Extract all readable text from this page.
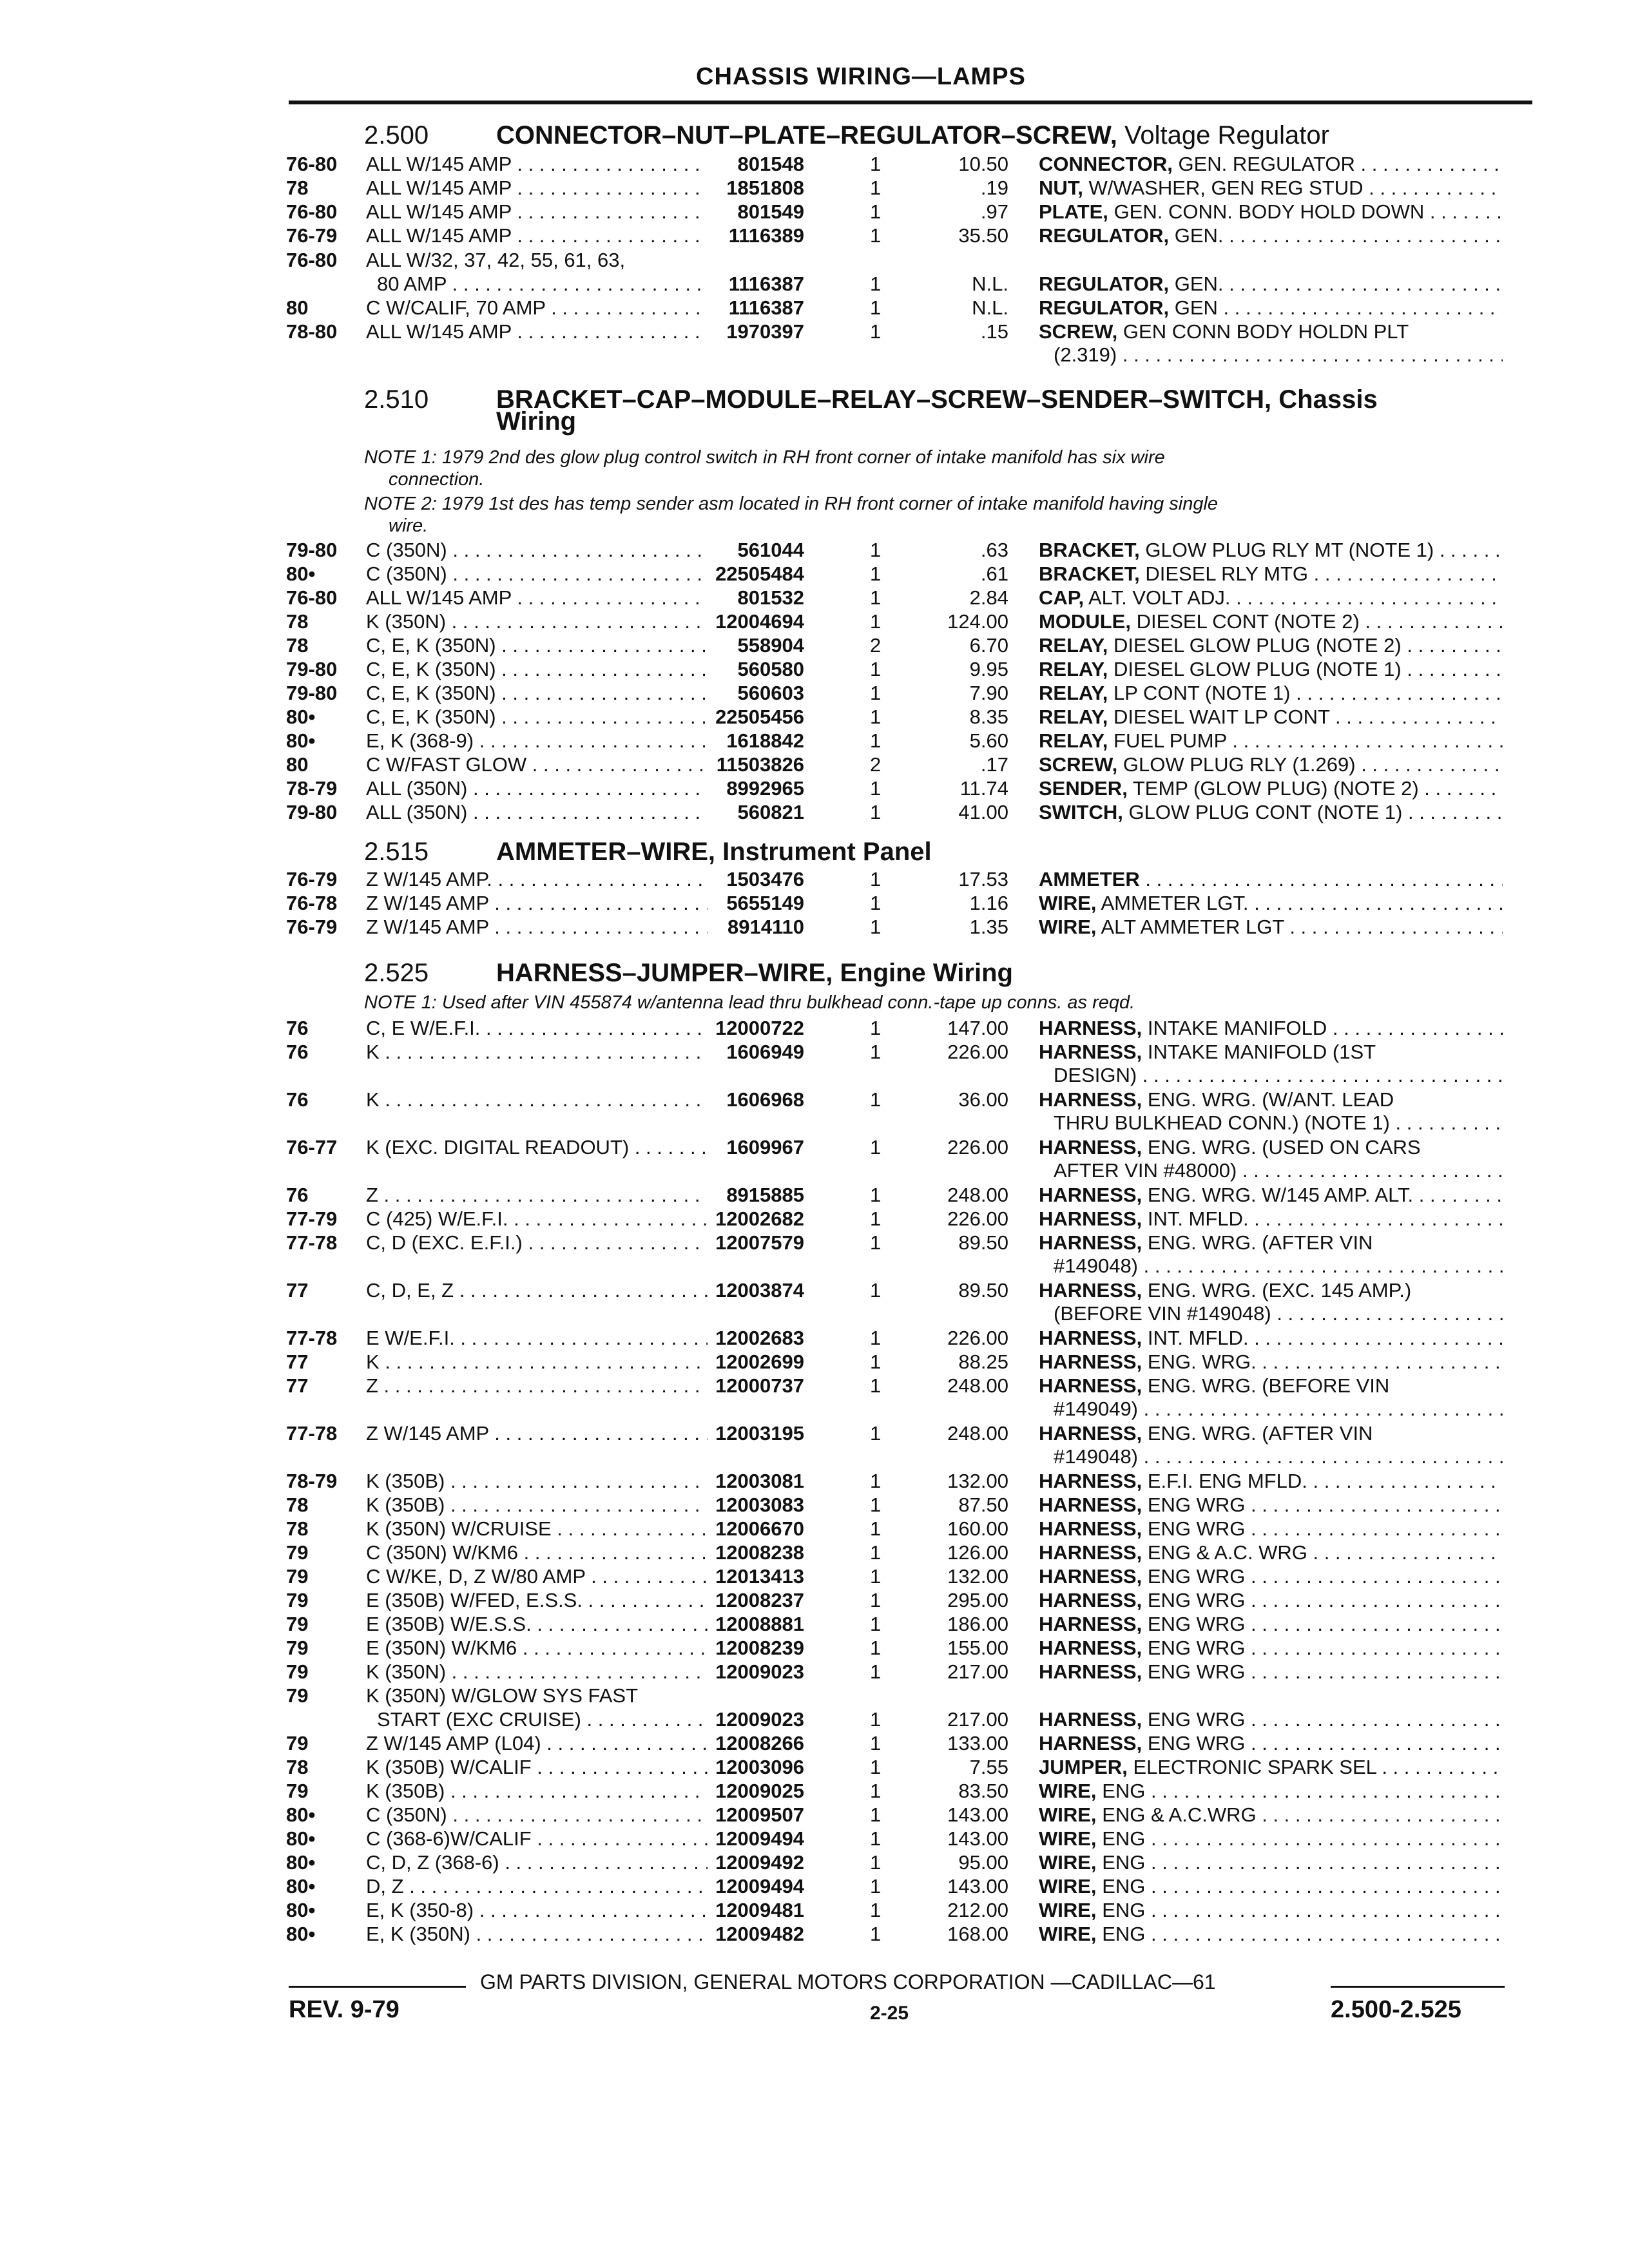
CHASSIS WIRING—LAMPS
2.500	CONNECTOR–NUT–PLATE–REGULATOR–SCREW, Voltage Regulator
2.510	BRACKET–CAP–MODULE–RELAY–SCREW–SENDER–SWITCH, Chassis
Wiring
NOTE 1: 1979 2nd des glow plug control switch in RH front corner of intake manifold has six wire
connection.
NOTE 2: 1979 1st des has temp sender asm located in RH front corner of intake manifold having single
wire.
2.515	AMMETER–WIRE, Instrument Panel
2.525	HARNESS–JUMPER–WIRE, Engine Wiring
NOTE 1: Used after VIN 455874 w/antenna lead thru bulkhead conn.-tape up conns. as reqd.
76-80 ALL W/145 AMP . . .	801548	1	10.50 CONNECTOR, GEN. REGULATOR . . .
78	ALL W/145 AMP . . .	1851808	1	.19 NUT, W/WASHER, GEN REG STUD . . .
76-80 ALL W/145 AMP . . .	801549	1	.97 PLATE, GEN. CONN. BODY HOLD DOWN . . .
76-79 ALL W/145 AMP . . .	1116389	1	35.50 REGULATOR, GEN. . . .
76-80 ALL W/32, 37, 42, 55, 61, 63,
80 AMP . . .	1116387	1	N.L. REGULATOR, GEN. . . .
80	C W/CALIF, 70 AMP . . .	1116387	1	N.L. REGULATOR, GEN . . .
78-80 ALL W/145 AMP . . .	1970397	1	.15 SCREW, GEN CONN BODY HOLDN PLT
(2.319) . . .
79-80 C (350N) . . .	561044	1	.63 BRACKET, GLOW PLUG RLY MT (NOTE 1) . . .
80•	C (350N) . . .	22505484	1	.61 BRACKET, DIESEL RLY MTG . . .
76-80 ALL W/145 AMP . . .	801532	1	2.84 CAP, ALT. VOLT ADJ. . . .
78	K (350N) . . .	12004694	1	124.00 MODULE, DIESEL CONT (NOTE 2) . . .
78	C, E, K (350N) . . .	558904	2	6.70 RELAY, DIESEL GLOW PLUG (NOTE 2) . . .
79-80 C, E, K (350N) . . .	560580	1	9.95 RELAY, DIESEL GLOW PLUG (NOTE 1) . . .
79-80 C, E, K (350N) . . .	560603	1	7.90 RELAY, LP CONT (NOTE 1) . . .
80•	C, E, K (350N) . . .	22505456	1	8.35 RELAY, DIESEL WAIT LP CONT . . .
80•	E, K (368-9) . . .	1618842	1	5.60 RELAY, FUEL PUMP . . .
80	C W/FAST GLOW . . .	11503826	2	.17 SCREW, GLOW PLUG RLY (1.269) . . .
78-79 ALL (350N) . . .	8992965	1	11.74 SENDER, TEMP (GLOW PLUG) (NOTE 2) . . .
79-80 ALL (350N) . . .	560821	1	41.00 SWITCH, GLOW PLUG CONT (NOTE 1) . . .
76-79 Z W/145 AMP. . . .	1503476	1	17.53 AMMETER . . .
76-78 Z W/145 AMP . . .	5655149	1	1.16 WIRE, AMMETER LGT. . . .
76-79 Z W/145 AMP . . .	8914110	1	1.35 WIRE, ALT AMMETER LGT . . .
76	C, E W/E.F.I. . . .	12000722	1	147.00 HARNESS, INTAKE MANIFOLD . . .
76	K . . .	1606949	1	226.00 HARNESS, INTAKE MANIFOLD (1ST
DESIGN) . . .
76	K . . .	1606968	1	36.00 HARNESS, ENG. WRG. (W/ANT. LEAD
THRU BULKHEAD CONN.) (NOTE 1) . . .
76-77 K (EXC. DIGITAL READOUT) . . .	1609967	1	226.00 HARNESS, ENG. WRG. (USED ON CARS
AFTER VIN #48000) . . .
76	Z . . .	8915885	1	248.00 HARNESS, ENG. WRG. W/145 AMP. ALT. . . .
77-79 C (425) W/E.F.I. . . .	12002682	1	226.00 HARNESS, INT. MFLD. . . .
77-78 C, D (EXC. E.F.I.) . . .	12007579	1	89.50 HARNESS, ENG. WRG. (AFTER VIN
#149048) . . .
77	C, D, E, Z . . .	12003874	1	89.50 HARNESS, ENG. WRG. (EXC. 145 AMP.)
(BEFORE VIN #149048) . . .
77-78 E W/E.F.I. . . .	12002683	1	226.00 HARNESS, INT. MFLD. . . .
77	K . . .	12002699	1	88.25 HARNESS, ENG. WRG. . . .
77	Z . . .	12000737	1	248.00 HARNESS, ENG. WRG. (BEFORE VIN
#149049) . . .
77-78 Z W/145 AMP . . .	12003195	1	248.00 HARNESS, ENG. WRG. (AFTER VIN
#149048) . . .
78-79 K (350B) . . .	12003081	1	132.00 HARNESS, E.F.I. ENG MFLD. . . .
78	K (350B) . . .	12003083	1	87.50 HARNESS, ENG WRG . . .
78	K (350N) W/CRUISE . . .	12006670	1	160.00 HARNESS, ENG WRG . . .
79	C (350N) W/KM6 . . .	12008238	1	126.00 HARNESS, ENG & A.C. WRG . . .
79	C W/KE, D, Z W/80 AMP . . .	12013413	1	132.00 HARNESS, ENG WRG . . .
79	E (350B) W/FED, E.S.S. . . .	12008237	1	295.00 HARNESS, ENG WRG . . .
79	E (350B) W/E.S.S. . . .	12008881	1	186.00 HARNESS, ENG WRG . . .
79	E (350N) W/KM6 . . .	12008239	1	155.00 HARNESS, ENG WRG . . .
79	K (350N) . . .	12009023	1	217.00 HARNESS, ENG WRG . . .
79	K (350N) W/GLOW SYS FAST
START (EXC CRUISE) . . .	12009023	1	217.00 HARNESS, ENG WRG . . .
79	Z W/145 AMP (L04) . . .	12008266	1	133.00 HARNESS, ENG WRG . . .
78	K (350B) W/CALIF . . .	12003096	1	7.55 JUMPER, ELECTRONIC SPARK SEL . . .
79	K (350B) . . .	12009025	1	83.50 WIRE, ENG . . .
80•	C (350N) . . .	12009507	1	143.00 WIRE, ENG & A.C.WRG . . .
80•	C (368-6)W/CALIF . . .	12009494	1	143.00 WIRE, ENG . . .
80•	C, D, Z (368-6) . . .	12009492	1	95.00 WIRE, ENG . . .
80•	D, Z . . .	12009494	1	143.00 WIRE, ENG . . .
80•	E, K (350-8) . . .	12009481	1	212.00 WIRE, ENG . . .
80•	E, K (350N) . . .	12009482	1	168.00 WIRE, ENG . . .
GM PARTS DIVISION, GENERAL MOTORS CORPORATION —CADILLAC—61
REV. 9-79	2-25	2.500-2.525
